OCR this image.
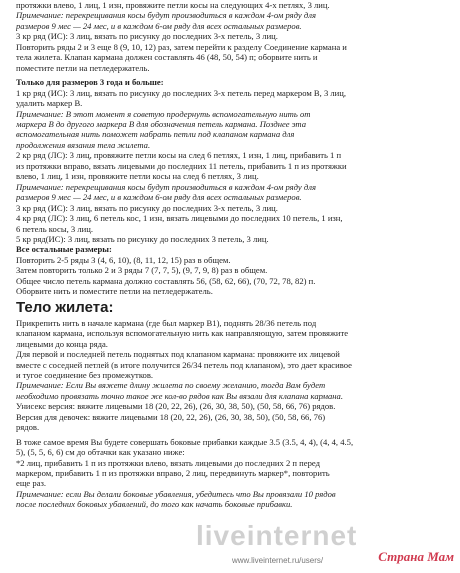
протяжки влево, 1 лиц, 1 изн, провяжите петли косы на следующих 4-х петлях, 3 лиц.
Примечание: перекрещивания косы будут производиться в каждом 4-ом ряду для
размеров 9 мес — 24 мес, и в каждом 6-ом ряду для всех остальных размеров.
3 кр ряд (ИС): 3 лиц, вязать по рисунку до последних 3-х петель, 3 лиц.
Повторить ряды 2 и 3 еще 8 (9, 10, 12) раз, затем перейти к разделу Соединение кармана и
тела жилета. Клапан кармана должен составлять 46 (48, 50, 54) п; оборвите нить и
поместите петли на петледержатель.
Только для размеров 3 года и больше:
1 кр ряд (ИС): 3 лиц, вязать по рисунку до последних 3-х петель перед маркером В, 3 лиц,
удалить маркер В.
Примечание: В этот момент я советую продернуть вспомогательную нить от
маркера В до другого маркера В для обозначения петель кармана. Позднее эта
вспомогательная нить поможет набрать петли под клапаном кармана для
продолжения вязания тела жилета.
2 кр ряд (ЛС): 3 лиц, провяжите петли косы на след 6 петлях, 1 изн, 1 лиц, прибавить 1 п
из протяжки вправо, вязать лицевыми до последних 11 петель, прибавить 1 п из протяжки
влево, 1 лиц, 1 изн, провяжите петли косы на след 6 петлях, 3 лиц.
Примечание: перекрещивания косы будут производиться в каждом 4-ом ряду для
размеров 9 мес — 24 мес, и в каждом 6-ом ряду для всех остальных размеров.
3 кр ряд (ИС): 3 лиц, вязать по рисунку до последних 3-х петель, 3 лиц.
4 кр ряд (ЛС): 3 лиц, 6 петель кос, 1 изн, вязать лицевыми до последних 10 петель, 1 изн,
6 петель косы, 3 лиц.
5 кр ряд(ИС): 3 лиц, вязать по рисунку до последних 3 петель, 3 лиц.
Все остальные размеры:
Повторить 2-5 ряды 3 (4, 6, 10), (8, 11, 12, 15) раз в общем.
Затем повторить только 2 и 3 ряды 7 (7, 7, 5), (9, 7, 9, 8) раз в общем.
Общее число петель кармана должно составлять 56, (58, 62, 66), (70, 72, 78, 82) п.
Оборвите нить и поместите петли на петледержатель.
Тело жилета:
Прикрепить нить в начале кармана (где был маркер В1), поднять 28/36 петель под
клапаном кармана, используя вспомогательную нить как направляющую, затем провяжите
лицевыми до конца ряда.
Для первой и последней петель поднятых под клапаном кармана: провяжите их лицевой
вместе с соседней петлей (в итоге получится 26/34 петель под клапаном), это дает красивое
и тугое соединение без промежутков.
Примечание: Если Вы вяжете длину жилета по своему желанию, тогда Вам будет
необходимо провязать точно такое же кол-во рядов как Вы вязали для клапана кармана.
Унисекс версия: вяжите лицевыми 18 (20, 22, 26), (26, 30, 38, 50), (50, 58, 66, 76) рядов.
Версия для девочек: вяжите лицевыми 18 (20, 22, 26), (26, 30, 38, 50), (50, 58, 66, 76)
рядов.
В тоже самое время Вы будете совершать боковые прибавки каждые 3.5 (3.5, 4, 4), (4, 4, 4.5,
5), (5, 5, 6, 6) см до обтачки как указано ниже:
*2 лиц, прибавить 1 п из протяжки влево, вязать лицевыми до последних 2 п перед
маркером, прибавить 1 п из протяжки вправо, 2 лиц, передвинуть маркер*, повторить
еще раз.
Примечание: если Вы делали боковые убавления, убедитесь что Вы провязали 10 рядов
после последних боковых убавлений, до того как начать боковые прибавки.
liveinternet
www.liveinternet.ru/users/	Страна Мам
